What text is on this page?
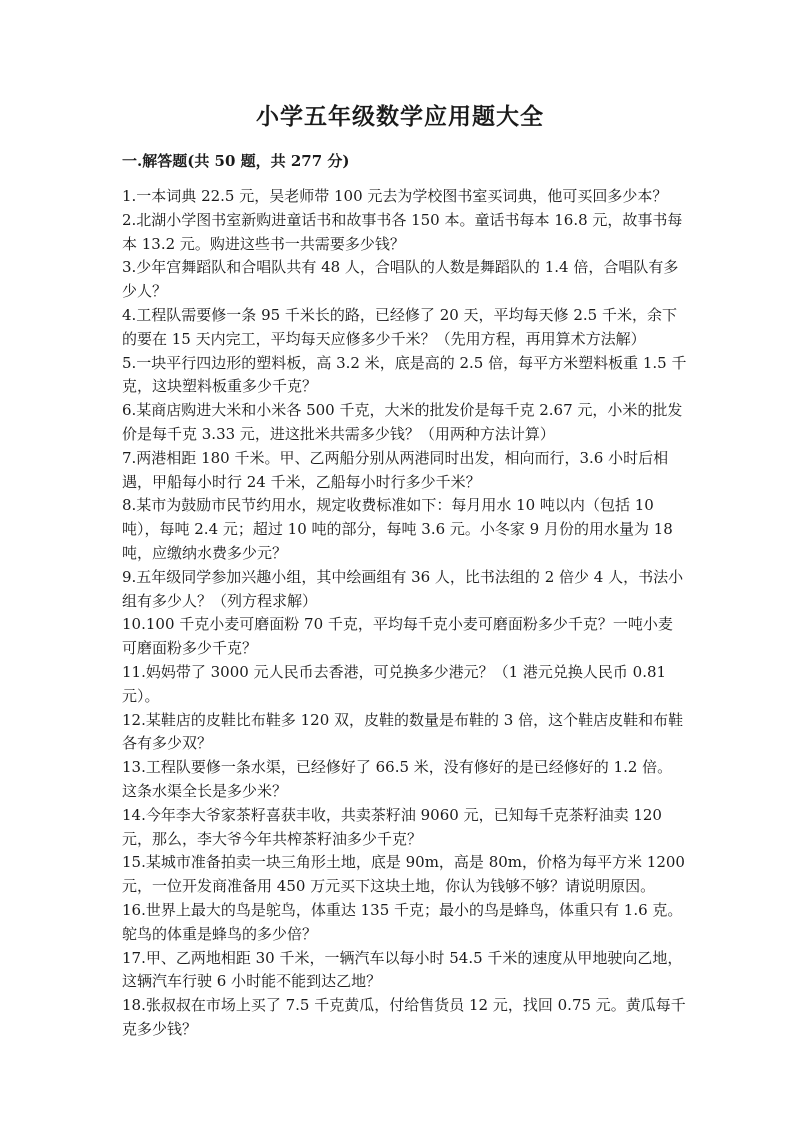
小学五年级数学应用题大全
一.解答题(共 50 题，共 277 分)
1.一本词典 22.5 元，吴老师带 100 元去为学校图书室买词典，他可买回多少本？
2.北湖小学图书室新购进童话书和故事书各 150 本。童话书每本 16.8 元，故事书每本 13.2 元。购进这些书一共需要多少钱？
3.少年宫舞蹈队和合唱队共有 48 人，合唱队的人数是舞蹈队的 1.4 倍，合唱队有多少人？
4.工程队需要修一条 95 千米长的路，已经修了 20 天，平均每天修 2.5 千米，余下的要在 15 天内完工，平均每天应修多少千米？（先用方程，再用算术方法解）
5.一块平行四边形的塑料板，高 3.2 米，底是高的 2.5 倍，每平方米塑料板重 1.5 千克，这块塑料板重多少千克？
6.某商店购进大米和小米各 500 千克，大米的批发价是每千克 2.67 元，小米的批发价是每千克 3.33 元，进这批米共需多少钱？（用两种方法计算）
7.两港相距 180 千米。甲、乙两船分别从两港同时出发，相向而行，3.6 小时后相遇，甲船每小时行 24 千米，乙船每小时行多少千米？
8.某市为鼓励市民节约用水，规定收费标准如下：每月用水 10 吨以内（包括 10 吨），每吨 2.4 元；超过 10 吨的部分，每吨 3.6 元。小冬家 9 月份的用水量为 18 吨，应缴纳水费多少元？
9.五年级同学参加兴趣小组，其中绘画组有 36 人，比书法组的 2 倍少 4 人，书法小组有多少人？（列方程求解）
10.100 千克小麦可磨面粉 70 千克，平均每千克小麦可磨面粉多少千克？一吨小麦可磨面粉多少千克？
11.妈妈带了 3000 元人民币去香港，可兑换多少港元？（1 港元兑换人民币 0.81 元）。
12.某鞋店的皮鞋比布鞋多 120 双，皮鞋的数量是布鞋的 3 倍，这个鞋店皮鞋和布鞋各有多少双？
13.工程队要修一条水渠，已经修好了 66.5 米，没有修好的是已经修好的 1.2 倍。这条水渠全长是多少米？
14.今年李大爷家茶籽喜获丰收，共卖茶籽油 9060 元，已知每千克茶籽油卖 120 元，那么，李大爷今年共榨茶籽油多少千克？
15.某城市准备拍卖一块三角形土地，底是 90m，高是 80m，价格为每平方米 1200 元，一位开发商准备用 450 万元买下这块土地，你认为钱够不够？请说明原因。
16.世界上最大的鸟是鸵鸟，体重达 135 千克；最小的鸟是蜂鸟，体重只有 1.6 克。鸵鸟的体重是蜂鸟的多少倍？
17.甲、乙两地相距 30 千米，一辆汽车以每小时 54.5 千米的速度从甲地驶向乙地，这辆汽车行驶 6 小时能不能到达乙地？
18.张叔叔在市场上买了 7.5 千克黄瓜，付给售货员 12 元，找回 0.75 元。黄瓜每千克多少钱？
